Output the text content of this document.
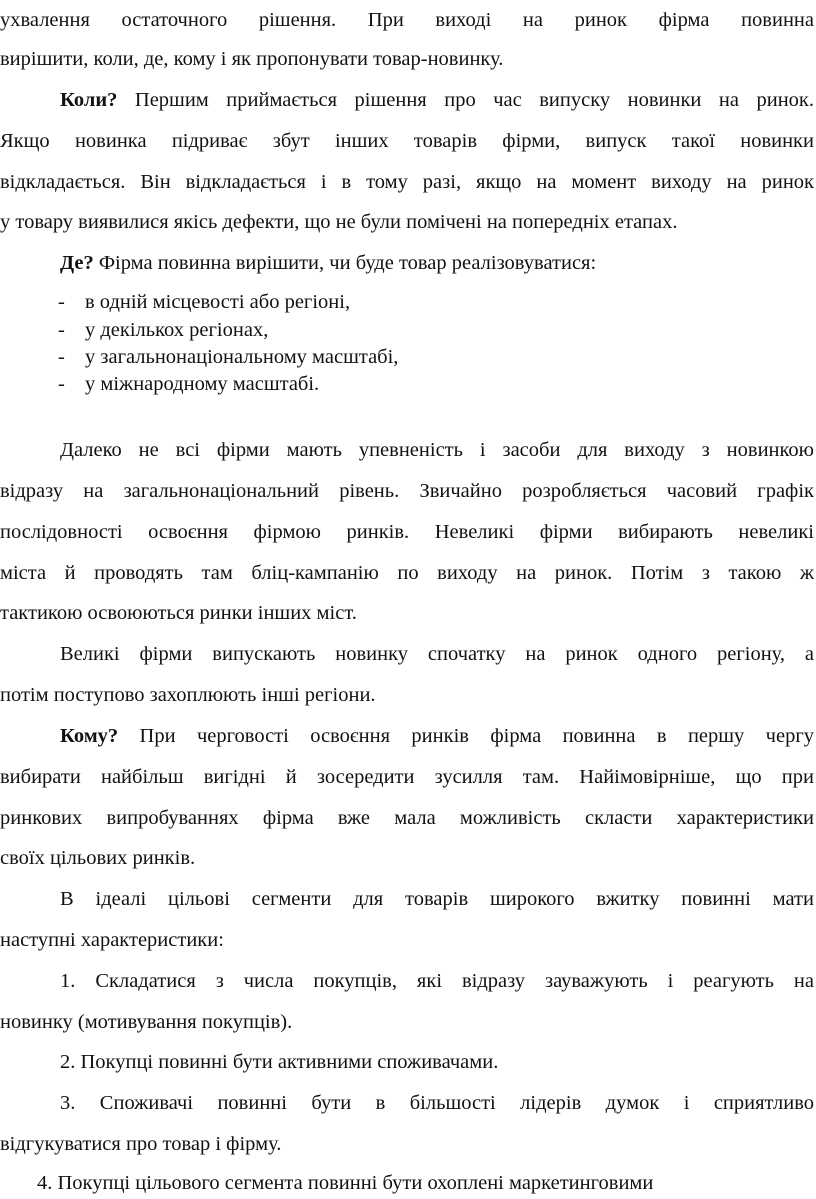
ухвалення остаточного рішення. При виході на ринок фірма повинна
вирішити, коли, де, кому і як пропонувати товар-новинку.
Коли? Першим приймається рішення про час випуску новинки на ринок.
Якщо новинка підриває збут інших товарів фірми, випуск такої новинки
відкладається. Він відкладається і в тому разі, якщо на момент виходу на ринок
у товару виявилися якісь дефекти, що не були помічені на попередніх етапах.
Де? Фірма повинна вирішити, чи буде товар реалізовуватися:
- в одній місцевості або регіоні,
- у декількох регіонах,
- у загальнонаціональному масштабі,
- у міжнародному масштабі.
Далеко не всі фірми мають упевненість і засоби для виходу з новинкою
відразу на загальнонаціональний рівень. Звичайно розробляється часовий графік
послідовності освоєння фірмою ринків. Невеликі фірми вибирають невеликі
міста й проводять там бліц-кампанію по виходу на ринок. Потім з такою ж
тактикою освоюються ринки інших міст.
Великі фірми випускають новинку спочатку на ринок одного регіону, а
потім поступово захоплюють інші регіони.
Кому? При черговості освоєння ринків фірма повинна в першу чергу
вибирати найбільш вигідні й зосередити зусилля там. Найімовірніше, що при
ринкових випробуваннях фірма вже мала можливість скласти характеристики
своїх цільових ринків.
В ідеалі цільові сегменти для товарів широкого вжитку повинні мати
наступні характеристики:
1. Складатися з числа покупців, які відразу зауважують і реагують на
новинку (мотивування покупців).
2. Покупці повинні бути активними споживачами.
3. Споживачі повинні бути в більшості лідерів думок і сприятливо
відгукуватися про товар і фірму.
4. Покупці цільового сегмента повинні бути охоплені маркетинговими
